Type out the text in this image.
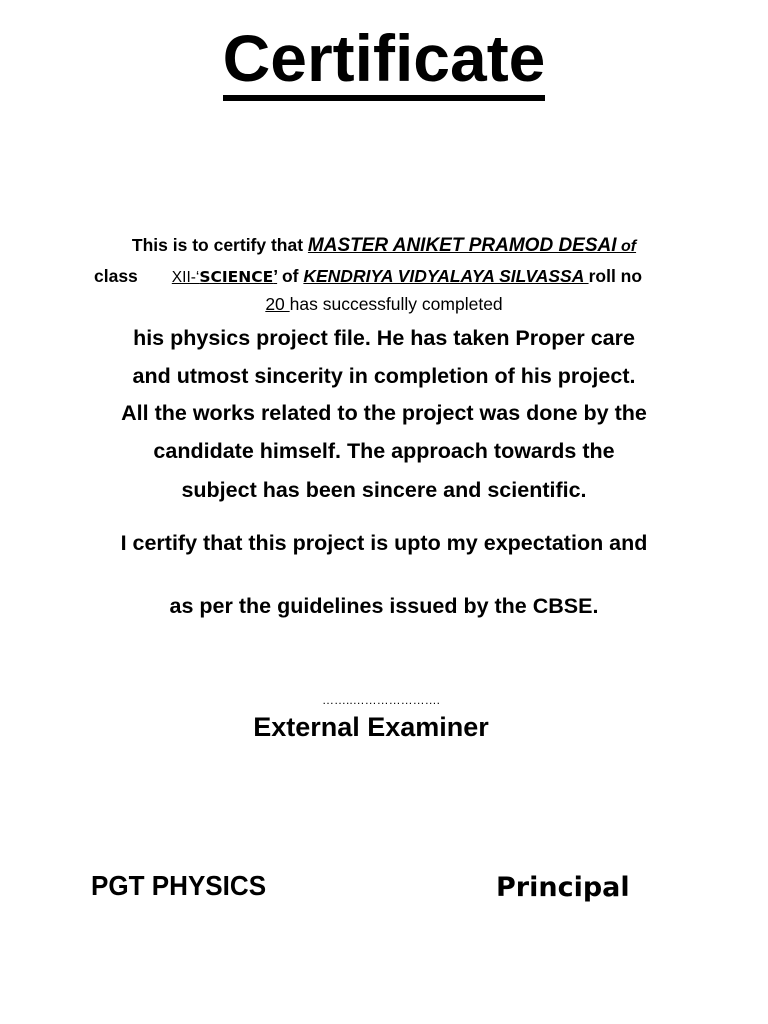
Certificate
This is to certify that MASTER ANIKET PRAMOD DESAI of
class XII-‘SCIENCE’ of KENDRIYA VIDYALAYA SILVASSA roll no
20 has successfully completed
his physics project file. He has taken Proper care
and utmost sincerity in completion of his project.
All the works related to the project was done by the
candidate himself. The approach towards the
subject has been sincere and scientific.
I certify that this project is upto my expectation and
as per the guidelines issued by the CBSE.
……..………………….
External Examiner
PGT PHYSICS	Principal
